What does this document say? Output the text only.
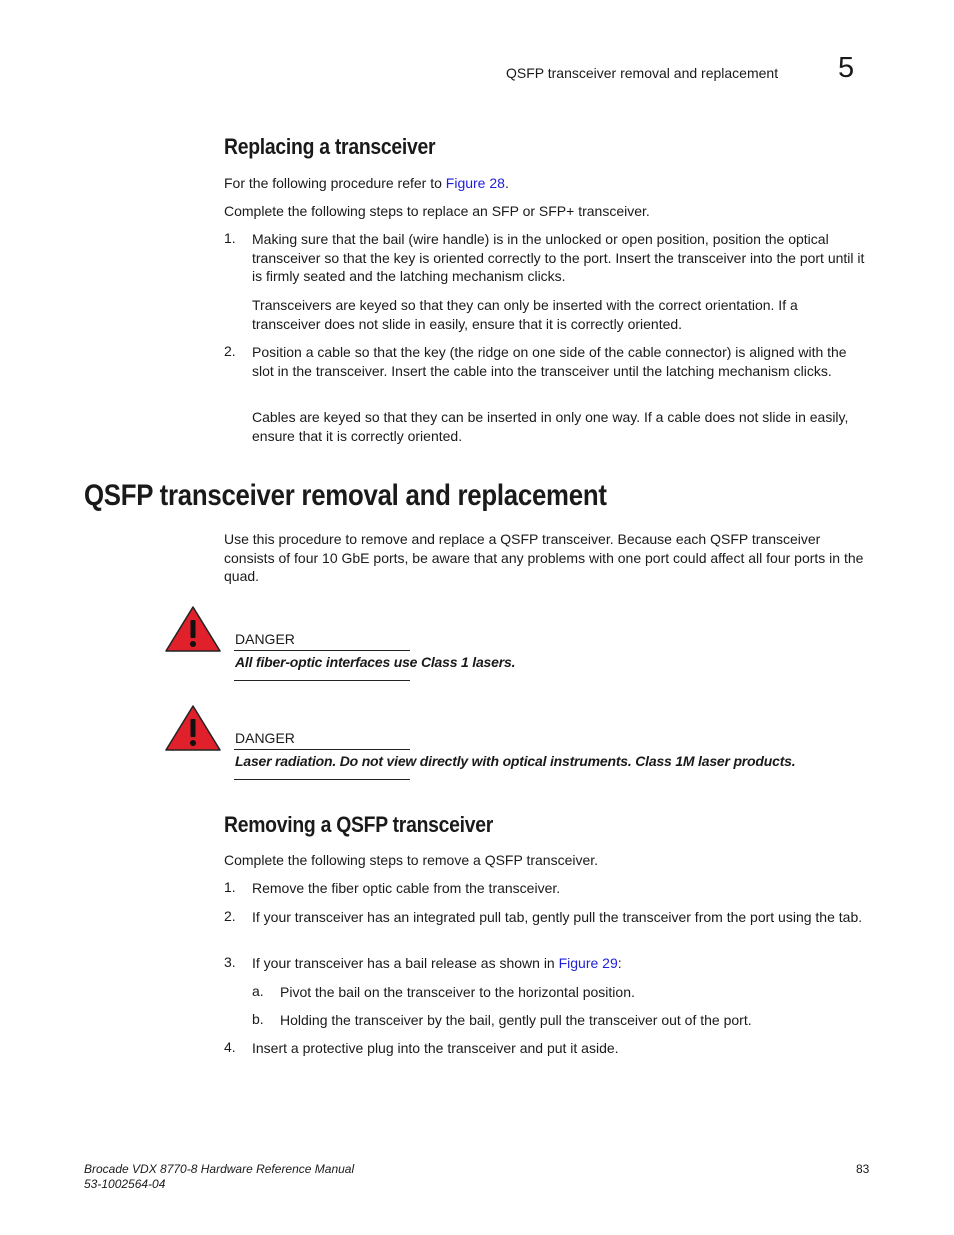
QSFP transceiver removal and replacement 5
Replacing a transceiver
For the following procedure refer to Figure 28.
Complete the following steps to replace an SFP or SFP+ transceiver.
1. Making sure that the bail (wire handle) is in the unlocked or open position, position the optical transceiver so that the key is oriented correctly to the port. Insert the transceiver into the port until it is firmly seated and the latching mechanism clicks.
Transceivers are keyed so that they can only be inserted with the correct orientation. If a transceiver does not slide in easily, ensure that it is correctly oriented.
2. Position a cable so that the key (the ridge on one side of the cable connector) is aligned with the slot in the transceiver. Insert the cable into the transceiver until the latching mechanism clicks.
Cables are keyed so that they can be inserted in only one way. If a cable does not slide in easily, ensure that it is correctly oriented.
QSFP transceiver removal and replacement
Use this procedure to remove and replace a QSFP transceiver. Because each QSFP transceiver consists of four 10 GbE ports, be aware that any problems with one port could affect all four ports in the quad.
DANGER
All fiber-optic interfaces use Class 1 lasers.
DANGER
Laser radiation. Do not view directly with optical instruments. Class 1M laser products.
Removing a QSFP transceiver
Complete the following steps to remove a QSFP transceiver.
1. Remove the fiber optic cable from the transceiver.
2. If your transceiver has an integrated pull tab, gently pull the transceiver from the port using the tab.
3. If your transceiver has a bail release as shown in Figure 29:
a. Pivot the bail on the transceiver to the horizontal position.
b. Holding the transceiver by the bail, gently pull the transceiver out of the port.
4. Insert a protective plug into the transceiver and put it aside.
Brocade VDX 8770-8 Hardware Reference Manual
53-1002564-04
83
